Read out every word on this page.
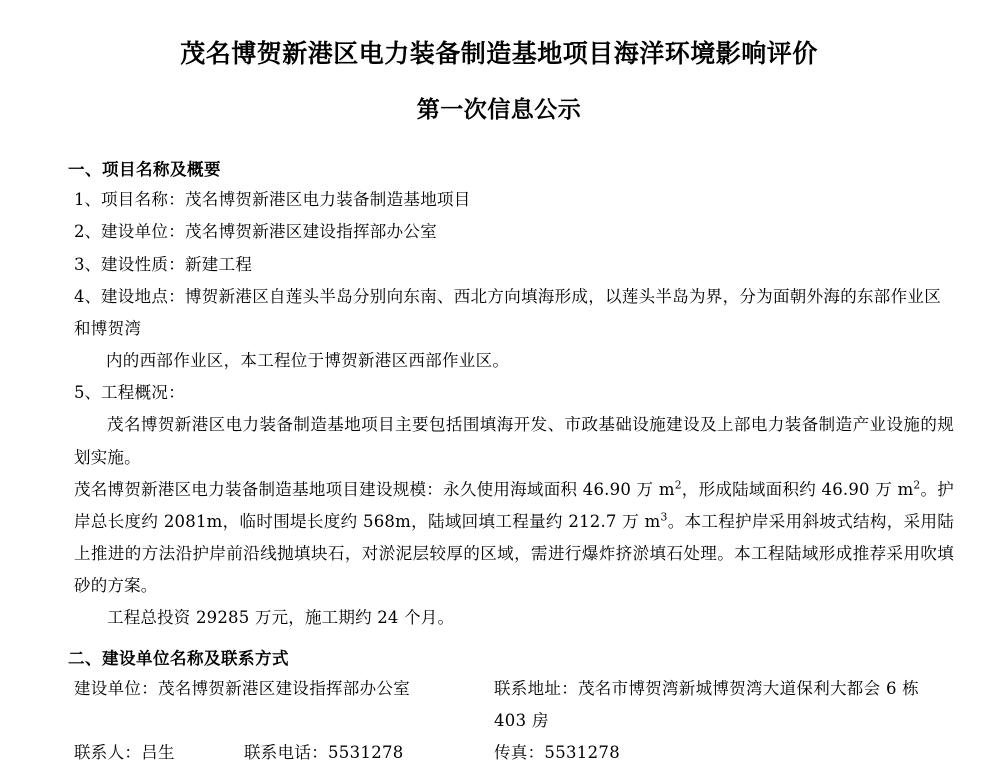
茂名博贺新港区电力装备制造基地项目海洋环境影响评价
第一次信息公示
一、项目名称及概要
1、项目名称：茂名博贺新港区电力装备制造基地项目
2、建设单位：茂名博贺新港区建设指挥部办公室
3、建设性质：新建工程
4、建设地点：博贺新港区自莲头半岛分别向东南、西北方向填海形成，以莲头半岛为界，分为面朝外海的东部作业区和博贺湾
内的西部作业区，本工程位于博贺新港区西部作业区。
5、工程概况：
茂名博贺新港区电力装备制造基地项目主要包括围填海开发、市政基础设施建设及上部电力装备制造产业设施的规划实施。
茂名博贺新港区电力装备制造基地项目建设规模：永久使用海域面积 46.90 万 $m^2$，形成陆域面积约 46.90 万 $m^2$。护岸总长度约 2081m，临时围堤长度约 568m，陆域回填工程量约 212.7 万 $m^3$。本工程护岸采用斜坡式结构，采用陆上推进的方法沿护岸前沿线抛填块石，对淤泥层较厚的区域，需进行爆炸挤淤填石处理。本工程陆域形成推荐采用吹填砂的方案。
工程总投资 29285 万元，施工期约 24 个月。
二、建设单位名称及联系方式
建设单位：茂名博贺新港区建设指挥部办公室	联系地址：茂名市博贺湾新城博贺湾大道保利大都会 6 栋 403 房
联系人：吕生	联系电话：5531278	传真：5531278
